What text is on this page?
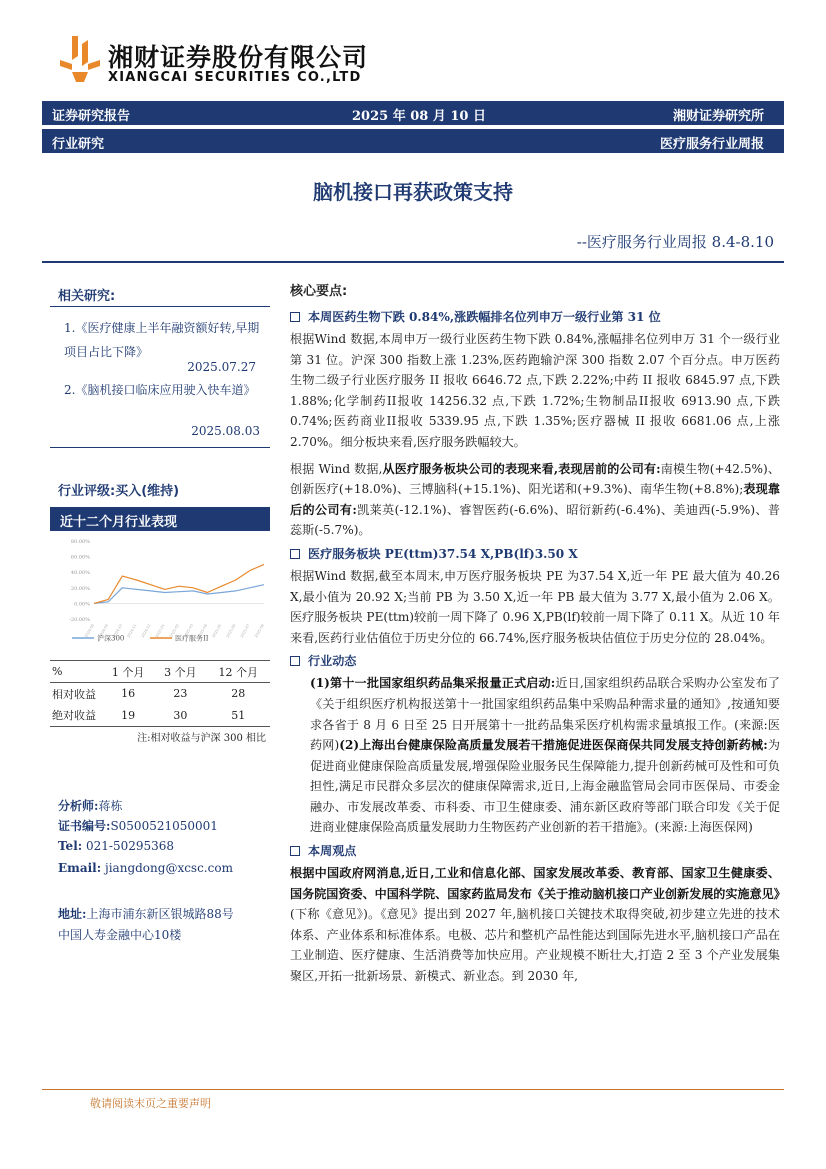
湘财证券股份有限公司
XIANGCAI SECURITIES CO.,LTD
证券研究报告	2025 年 08 月 10 日	湘财证券研究所
行业研究	医疗服务行业周报
脑机接口再获政策支持
--医疗服务行业周报 8.4-8.10
相关研究:
1.《医疗健康上半年融资额好转,早期项目占比下降》
2025.07.27
2.《脑机接口临床应用驶入快车道》
2025.08.03
行业评级:买入(维持)
近十二个月行业表现
-20.00%
0.00%
20.00%
40.00%
60.00%
80.00%
2024-08 2024-09 2024-10 2024-11 2024-12 2025-01 2025-02 2025-03 2025-04 2025-05 2025-06 2025-07 2025-08
沪深300	医疗服务II
%	1 个月	3 个月	12 个月
相对收益	16	23	28
绝对收益	19	30	51
注:相对收益与沪深 300 相比
分析师:蒋栋
证书编号:S0500521050001
Tel: 021-50295368
Email: jiangdong@xcsc.com
地址:上海市浦东新区银城路88号
中国人寿金融中心10楼
核心要点:
本周医药生物下跌 0.84%,涨跌幅排名位列申万一级行业第 31 位

根据Wind 数据,本周申万一级行业医药生物下跌 0.84%,涨幅排名位列申万 31 个一级行业第 31 位。沪深 300 指数上涨 1.23%,医药跑输沪深 300 指数 2.07 个百分点。申万医药生物二级子行业医疗服务 II 报收 6646.72 点,下跌 2.22%;中药 II 报收 6845.97 点,下跌 1.88%;化学制药II报收 14256.32 点,下跌 1.72%;生物制品II报收 6913.90 点,下跌 0.74%;医药商业II报收 5339.95 点,下跌 1.35%;医疗器械 II 报收 6681.06 点,上涨 2.70%。细分板块来看,医疗服务跌幅较大。

根据 Wind 数据,从医疗服务板块公司的表现来看,表现居前的公司有:南模生物(+42.5%)、创新医疗(+18.0%)、三博脑科(+15.1%)、阳光诺和(+9.3%)、南华生物(+8.8%);表现靠后的公司有:凯莱英(-12.1%)、睿智医药(-6.6%)、昭衍新药(-6.4%)、美迪西(-5.9%)、普蕊斯(-5.7%)。

医疗服务板块 PE(ttm)37.54 X,PB(lf)3.50 X

根据Wind 数据,截至本周末,申万医疗服务板块 PE 为37.54 X,近一年 PE 最大值为 40.26 X,最小值为 20.92 X;当前 PB 为 3.50 X,近一年 PB 最大值为 3.77 X,最小值为 2.06 X。医疗服务板块 PE(ttm)较前一周下降了 0.96 X,PB(lf)较前一周下降了 0.11 X。从近 10 年来看,医药行业估值位于历史分位的 66.74%,医疗服务板块估值位于历史分位的 28.04%。

行业动态

(1)第十一批国家组织药品集采报量正式启动:近日,国家组织药品联合采购办公室发布了《关于组织医疗机构报送第十一批国家组织药品集中采购品种需求量的通知》,按通知要求各省于 8 月 6 日至 25 日开展第十一批药品集采医疗机构需求量填报工作。(来源:医药网)(2)上海出台健康保险高质量发展若干措施促进医保商保共同发展支持创新药械:为促进商业健康保险高质量发展,增强保险业服务民生保障能力,提升创新药械可及性和可负担性,满足市民群众多层次的健康保障需求,近日,上海金融监管局会同市医保局、市委金融办、市发展改革委、市科委、市卫生健康委、浦东新区政府等部门联合印发《关于促进商业健康保险高质量发展助力生物医药产业创新的若干措施》。(来源:上海医保网)

本周观点

根据中国政府网消息,近日,工业和信息化部、国家发展改革委、教育部、国家卫生健康委、国务院国资委、中国科学院、国家药监局发布《关于推动脑机接口产业创新发展的实施意见》(下称《意见》)。《意见》提出到 2027 年,脑机接口关键技术取得突破,初步建立先进的技术体系、产业体系和标准体系。电极、芯片和整机产品性能达到国际先进水平,脑机接口产品在工业制造、医疗健康、生活消费等加快应用。产业规模不断壮大,打造 2 至 3 个产业发展集聚区,开拓一批新场景、新模式、新业态。到 2030 年,

敬请阅读末页之重要声明
